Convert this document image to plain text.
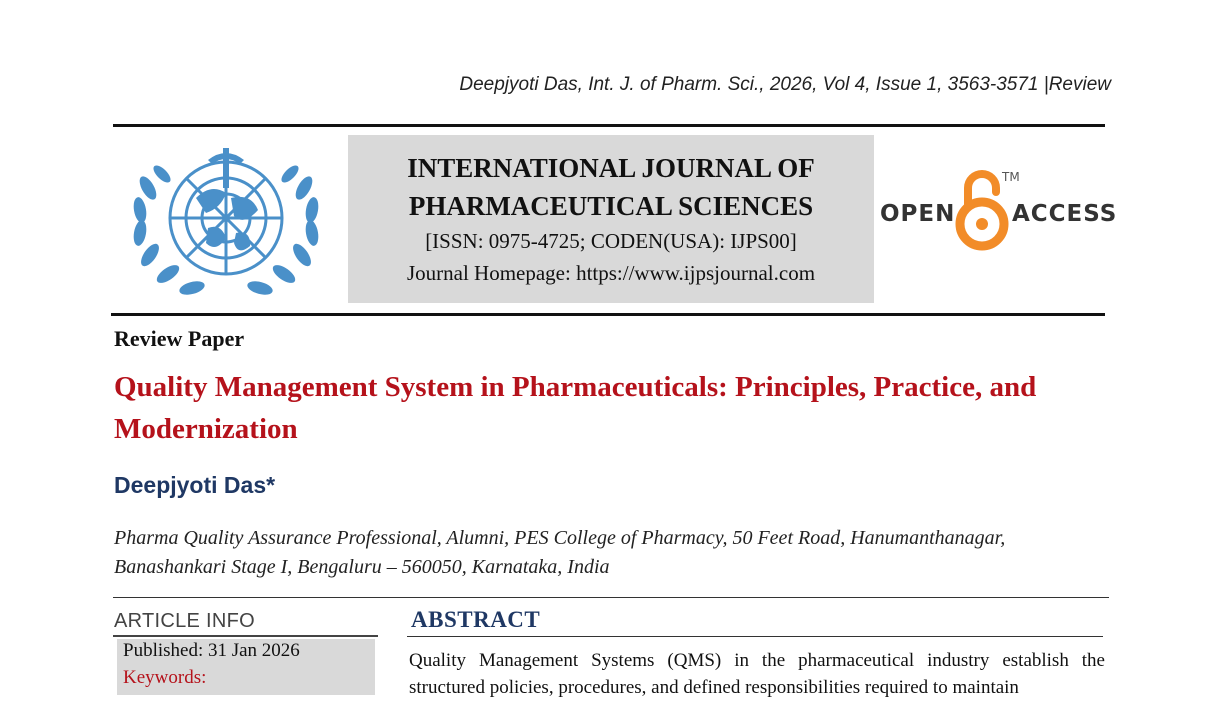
Deepjyoti Das, Int. J. of Pharm. Sci., 2026, Vol 4, Issue 1, 3563-3571 |Review
INTERNATIONAL JOURNAL OF
PHARMACEUTICAL SCIENCES
[ISSN: 0975-4725; CODEN(USA): IJPS00]
Journal Homepage: https://www.ijpsjournal.com
OPEN
TM
ACCESS
Review Paper
Quality Management System in Pharmaceuticals: Principles, Practice, and Modernization
Deepjyoti Das*
Pharma Quality Assurance Professional, Alumni, PES College of Pharmacy, 50 Feet Road, Hanumanthanagar,
Banashankari Stage I, Bengaluru – 560050, Karnataka, India
ARTICLE INFO
Published: 31 Jan 2026
Keywords:
ABSTRACT
Quality Management Systems (QMS) in the pharmaceutical industry establish the structured policies, procedures, and defined responsibilities required to maintain
